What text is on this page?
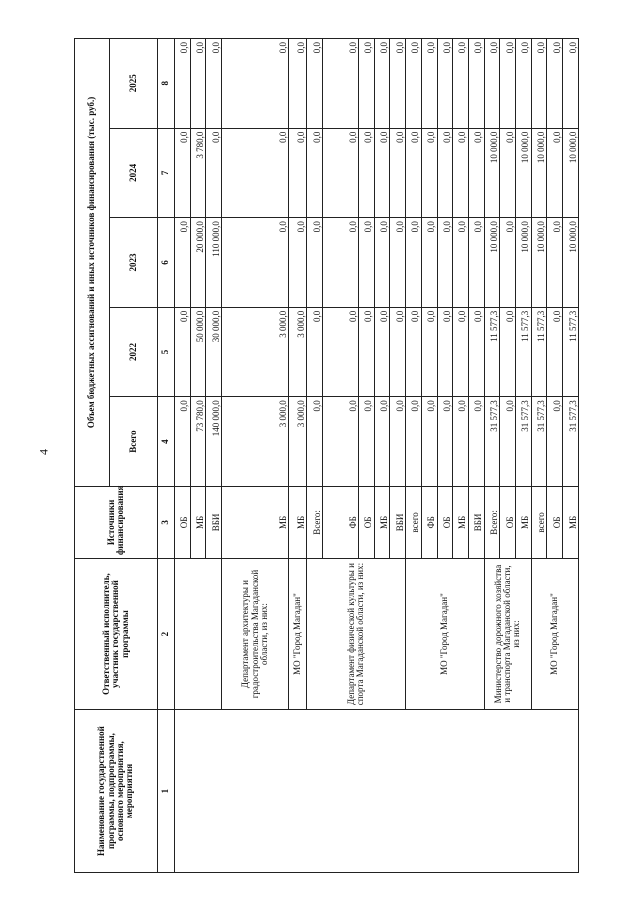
4
Наименование государственной программы, подпрограммы, основного мероприятия, мероприятия	Ответственный исполнитель, участник государственной программы	Источники финансирования	Объем бюджетных ассигнований и иных источников финансирования (тыс. руб.)				
			Всего	2022	2023	2024	2025
1	2	3	4	5	6	7	8
		ОБ	0,0	0,0	0,0	0,0	0,0
		МБ	73 780,0	50 000,0	20 000,0	3 780,0	0,0
		ВБИ	140 000,0	30 000,0	110 000,0	0,0	0,0
	Департамент архитектуры и градостроительства Магаданской области, из них:	МБ	3 000,0	3 000,0	0,0	0,0	0,0
	МО "Город Магадан"	МБ	3 000,0	3 000,0	0,0	0,0	0,0
	Департамент физической культуры и спорта Магаданской области, из них:	Всего:	0,0	0,0	0,0	0,0	0,0
		ФБ	0,0	0,0	0,0	0,0	0,0
		ОБ	0,0	0,0	0,0	0,0	0,0
		МБ	0,0	0,0	0,0	0,0	0,0
		ВБИ	0,0	0,0	0,0	0,0	0,0
	МО "Город Магадан"	всего	0,0	0,0	0,0	0,0	0,0
		ФБ	0,0	0,0	0,0	0,0	0,0
		ОБ	0,0	0,0	0,0	0,0	0,0
		МБ	0,0	0,0	0,0	0,0	0,0
		ВБИ	0,0	0,0	0,0	0,0	0,0
	Министерство дорожного хозяйства и транспорта Магаданской области, из них:	Всего:	31 577,3	11 577,3	10 000,0	10 000,0	0,0
		ОБ	0,0	0,0	0,0	0,0	0,0
		МБ	31 577,3	11 577,3	10 000,0	10 000,0	0,0
	МО "Город Магадан"	всего	31 577,3	11 577,3	10 000,0	10 000,0	0,0
		ОБ	0,0	0,0	0,0	0,0	0,0
		МБ	31 577,3	11 577,3	10 000,0	10 000,0	0,0
